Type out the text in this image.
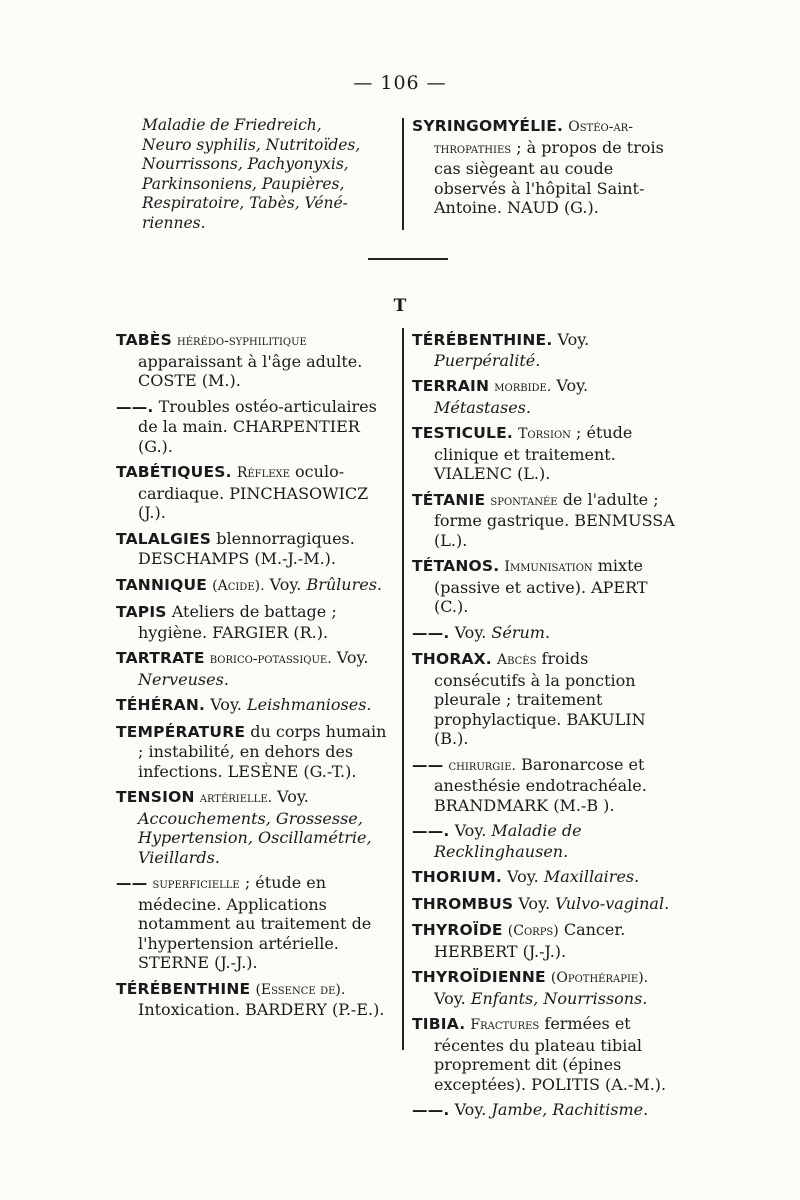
— 106 —
Maladie de Friedreich,
Neuro syphilis, Nutritoïdes,
Nourrissons, Pachyonyxis,
Parkinsoniens, Paupières,
Respiratoire, Tabès, Véné-
riennes.
SYRINGOMYÉLIE. Ostéo-ar-thropathies ; à propos de trois cas siègeant au coude observés à l'hôpital Saint-Antoine. NAUD (G.).
T
TABÈS hérédo-syphilitique apparaissant à l'âge adulte. COSTE (M.).
——. Troubles ostéo-articulaires de la main. CHARPENTIER (G.).
TABÉTIQUES. Réflexe oculo-cardiaque. PINCHASOWICZ (J.).
TALALGIES blennorragiques. DESCHAMPS (M.-J.-M.).
TANNIQUE (Acide). Voy. Brûlures.
TAPIS Ateliers de battage ; hygiène. FARGIER (R.).
TARTRATE borico-potassique. Voy. Nerveuses.
TÉHÉRAN. Voy. Leishmanioses.
TEMPÉRATURE du corps humain ; instabilité, en dehors des infections. LESÈNE (G.-T.).
TENSION artérielle. Voy. Accouchements, Grossesse, Hypertension, Oscillamétrie, Vieillards.
—— superficielle ; étude en médecine. Applications notamment au traitement de l'hypertension artérielle. STERNE (J.-J.).
TÉRÉBENTHINE (Essence de). Intoxication. BARDERY (P.-E.).
TÉRÉBENTHINE. Voy. Puerpéralité.
TERRAIN morbide. Voy. Métastases.
TESTICULE. Torsion ; étude clinique et traitement. VIALENC (L.).
TÉTANIE spontanée de l'adulte ; forme gastrique. BENMUSSA (L.).
TÉTANOS. Immunisation mixte (passive et active). APERT (C.).
——. Voy. Sérum.
THORAX. Abcès froids consécutifs à la ponction pleurale ; traitement prophylactique. BAKULIN (B.).
—— chirurgie. Baronarcose et anesthésie endotrachéale. BRANDMARK (M.-B ).
——. Voy. Maladie de Recklinghausen.
THORIUM. Voy. Maxillaires.
THROMBUS Voy. Vulvo-vaginal.
THYROÏDE (Corps) Cancer. HERBERT (J.-J.).
THYROÏDIENNE (Opothérapie). Voy. Enfants, Nourrissons.
TIBIA. Fractures fermées et récentes du plateau tibial proprement dit (épines exceptées). POLITIS (A.-M.).
——. Voy. Jambe, Rachitisme.
